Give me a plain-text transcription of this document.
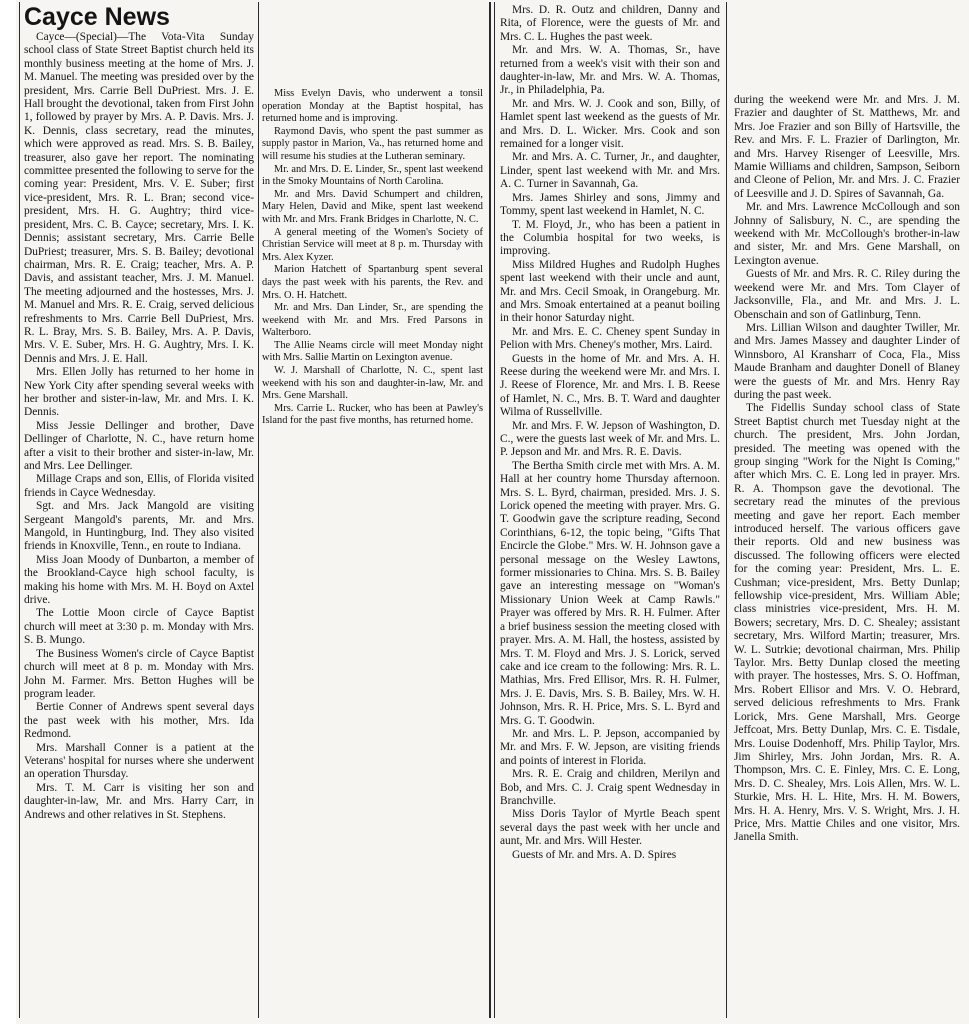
Cayce News

Cayce—(Special)—The Vota-Vita Sunday school class of State Street Baptist church held its monthly business meeting at the home of Mrs. J. M. Manuel. The meeting was presided over by the president, Mrs. Carrie Bell DuPriest. Mrs. J. E. Hall brought the devotional, taken from First John 1, followed by prayer by Mrs. A. P. Davis. Mrs. J. K. Dennis, class secretary, read the minutes, which were approved as read. Mrs. S. B. Bailey, treasurer, also gave her report. The nominating committee presented the following to serve for the coming year: President, Mrs. V. E. Suber; first vice-president, Mrs. R. L. Bran; second vice-president, Mrs. H. G. Aughtry; third vice-president, Mrs. C. B. Cayce; secretary, Mrs. I. K. Dennis; assistant secretary, Mrs. Carrie Belle DuPriest; treasurer, Mrs. S. B. Bailey; devotional chairman, Mrs. R. E. Craig; teacher, Mrs. A. P. Davis, and assistant teacher, Mrs. J. M. Manuel. The meeting adjourned and the hostesses, Mrs. J. M. Manuel and Mrs. R. E. Craig, served delicious refreshments to Mrs. Carrie Bell DuPriest, Mrs. R. L. Bray, Mrs. S. B. Bailey, Mrs. A. P. Davis, Mrs. V. E. Suber, Mrs. H. G. Aughtry, Mrs. I. K. Dennis and Mrs. J. E. Hall.

Mrs. Ellen Jolly has returned to her home in New York City after spending several weeks with her brother and sister-in-law, Mr. and Mrs. I. K. Dennis.

Miss Jessie Dellinger and brother, Dave Dellinger of Charlotte, N. C., have return home after a visit to their brother and sister-in-law, Mr. and Mrs. Lee Dellinger.

Millage Craps and son, Ellis, of Florida visited friends in Cayce Wednesday.

Sgt. and Mrs. Jack Mangold are visiting Sergeant Mangold's parents, Mr. and Mrs. Mangold, in Huntingburg, Ind. They also visited friends in Knoxville, Tenn., en route to Indiana.

Miss Joan Moody of Dunbarton, a member of the Brookland-Cayce high school faculty, is making his home with Mrs. M. H. Boyd on Axtel drive.

The Lottie Moon circle of Cayce Baptist church will meet at 3:30 p. m. Monday with Mrs. S. B. Mungo.

The Business Women's circle of Cayce Baptist church will meet at 8 p. m. Monday with Mrs. John M. Farmer. Mrs. Betton Hughes will be program leader.

Bertie Conner of Andrews spent several days the past week with his mother, Mrs. Ida Redmond.

Mrs. Marshall Conner is a patient at the Veterans' hospital for nurses where she underwent an operation Thursday.

Mrs. T. M. Carr is visiting her son and daughter-in-law, Mr. and Mrs. Harry Carr, in Andrews and other relatives in St. Stephens.

Miss Evelyn Davis, who underwent a tonsil operation Monday at the Baptist hospital, has returned home and is improving.

Raymond Davis, who spent the past summer as supply pastor in Marion, Va., has returned home and will resume his studies at the Lutheran seminary.

Mr. and Mrs. D. E. Linder, Sr., spent last weekend in the Smoky Mountains of North Carolina.

Mr. and Mrs. David Schumpert and children, Mary Helen, David and Mike, spent last weekend with Mr. and Mrs. Frank Bridges in Charlotte, N. C.

A general meeting of the Women's Society of Christian Service will meet at 8 p. m. Thursday with Mrs. Alex Kyzer.

Marion Hatchett of Spartanburg spent several days the past week with his parents, the Rev. and Mrs. O. H. Hatchett.

Mr. and Mrs. Dan Linder, Sr., are spending the weekend with Mr. and Mrs. Fred Parsons in Walterboro.

The Allie Neams circle will meet Monday night with Mrs. Sallie Martin on Lexington avenue.

W. J. Marshall of Charlotte, N. C., spent last weekend with his son and daughter-in-law, Mr. and Mrs. Gene Marshall.

Mrs. Carrie L. Rucker, who has been at Pawley's Island for the past five months, has returned home.

Mrs. D. R. Outz and children, Danny and Rita, of Florence, were the guests of Mr. and Mrs. C. L. Hughes the past week.

Mr. and Mrs. W. A. Thomas, Sr., have returned from a week's visit with their son and daughter-in-law, Mr. and Mrs. W. A. Thomas, Jr., in Philadelphia, Pa.

Mr. and Mrs. W. J. Cook and son, Billy, of Hamlet spent last weekend as the guests of Mr. and Mrs. D. L. Wicker. Mrs. Cook and son remained for a longer visit.

Mr. and Mrs. A. C. Turner, Jr., and daughter, Linder, spent last weekend with Mr. and Mrs. A. C. Turner in Savannah, Ga.

Mrs. James Shirley and sons, Jimmy and Tommy, spent last weekend in Hamlet, N. C.

T. M. Floyd, Jr., who has been a patient in the Columbia hospital for two weeks, is improving.

Miss Mildred Hughes and Rudolph Hughes spent last weekend with their uncle and aunt, Mr. and Mrs. Cecil Smoak, in Orangeburg. Mr. and Mrs. Smoak entertained at a peanut boiling in their honor Saturday night.

Mr. and Mrs. E. C. Cheney spent Sunday in Pelion with Mrs. Cheney's mother, Mrs. Laird.

Guests in the home of Mr. and Mrs. A. H. Reese during the weekend were Mr. and Mrs. I. J. Reese of Florence, Mr. and Mrs. I. B. Reese of Hamlet, N. C., Mrs. B. T. Ward and daughter Wilma of Russellville.

Mr. and Mrs. F. W. Jepson of Washington, D. C., were the guests last week of Mr. and Mrs. L. P. Jepson and Mr. and Mrs. R. E. Davis.

The Bertha Smith circle met with Mrs. A. M. Hall at her country home Thursday afternoon. Mrs. S. L. Byrd, chairman, presided. Mrs. J. S. Lorick opened the meeting with prayer. Mrs. G. T. Goodwin gave the scripture reading, Second Corinthians, 6-12, the topic being, "Gifts That Encircle the Globe." Mrs. W. H. Johnson gave a personal message on the Wesley Lawtons, former missionaries to China. Mrs. S. B. Bailey gave an interesting message on "Woman's Missionary Union Week at Camp Rawls." Prayer was offered by Mrs. R. H. Fulmer. After a brief business session the meeting closed with prayer. Mrs. A. M. Hall, the hostess, assisted by Mrs. T. M. Floyd and Mrs. J. S. Lorick, served cake and ice cream to the following: Mrs. R. L. Mathias, Mrs. Fred Ellisor, Mrs. R. H. Fulmer, Mrs. J. E. Davis, Mrs. S. B. Bailey, Mrs. W. H. Johnson, Mrs. R. H. Price, Mrs. S. L. Byrd and Mrs. G. T. Goodwin.

Mr. and Mrs. L. P. Jepson, accompanied by Mr. and Mrs. F. W. Jepson, are visiting friends and points of interest in Florida.

Mrs. R. E. Craig and children, Merilyn and Bob, and Mrs. C. J. Craig spent Wednesday in Branchville.

Miss Doris Taylor of Myrtle Beach spent several days the past week with her uncle and aunt, Mr. and Mrs. Will Hester.

Guests of Mr. and Mrs. A. D. Spires

during the weekend were Mr. and Mrs. J. M. Frazier and daughter of St. Matthews, Mr. and Mrs. Joe Frazier and son Billy of Hartsville, the Rev. and Mrs. F. L. Frazier of Darlington, Mr. and Mrs. Harvey Risenger of Leesville, Mrs. Mamie Williams and children, Sampson, Seiborn and Cleone of Pelion, Mr. and Mrs. J. C. Frazier of Leesville and J. D. Spires of Savannah, Ga.

Mr. and Mrs. Lawrence McCollough and son Johnny of Salisbury, N. C., are spending the weekend with Mr. McCollough's brother-in-law and sister, Mr. and Mrs. Gene Marshall, on Lexington avenue.

Guests of Mr. and Mrs. R. C. Riley during the weekend were Mr. and Mrs. Tom Clayer of Jacksonville, Fla., and Mr. and Mrs. J. L. Obenschain and son of Gatlinburg, Tenn.

Mrs. Lillian Wilson and daughter Twiller, Mr. and Mrs. James Massey and daughter Linder of Winnsboro, Al Kransharr of Coca, Fla., Miss Maude Branham and daughter Donell of Blaney were the guests of Mr. and Mrs. Henry Ray during the past week.

The Fidellis Sunday school class of State Street Baptist church met Tuesday night at the church. The president, Mrs. John Jordan, presided. The meeting was opened with the group singing "Work for the Night Is Coming," after which Mrs. C. E. Long led in prayer. Mrs. R. A. Thompson gave the devotional. The secretary read the minutes of the previous meeting and gave her report. Each member introduced herself. The various officers gave their reports. Old and new business was discussed. The following officers were elected for the coming year: President, Mrs. L. E. Cushman; vice-president, Mrs. Betty Dunlap; fellowship vice-president, Mrs. William Able; class ministries vice-president, Mrs. H. M. Bowers; secretary, Mrs. D. C. Shealey; assistant secretary, Mrs. Wilford Martin; treasurer, Mrs. W. L. Sutrkie; devotional chairman, Mrs. Philip Taylor. Mrs. Betty Dunlap closed the meeting with prayer. The hostesses, Mrs. S. O. Hoffman, Mrs. Robert Ellisor and Mrs. V. O. Hebrard, served delicious refreshments to Mrs. Frank Lorick, Mrs. Gene Marshall, Mrs. George Jeffcoat, Mrs. Betty Dunlap, Mrs. C. E. Tisdale, Mrs. Louise Dodenhoff, Mrs. Philip Taylor, Mrs. Jim Shirley, Mrs. John Jordan, Mrs. R. A. Thompson, Mrs. C. E. Finley, Mrs. C. E. Long, Mrs. D. C. Shealey, Mrs. Lois Allen, Mrs. W. L. Sturkie, Mrs. H. L. Hite, Mrs. H. M. Bowers, Mrs. H. A. Henry, Mrs. V. S. Wright, Mrs. J. H. Price, Mrs. Mattie Chiles and one visitor, Mrs. Janella Smith.
